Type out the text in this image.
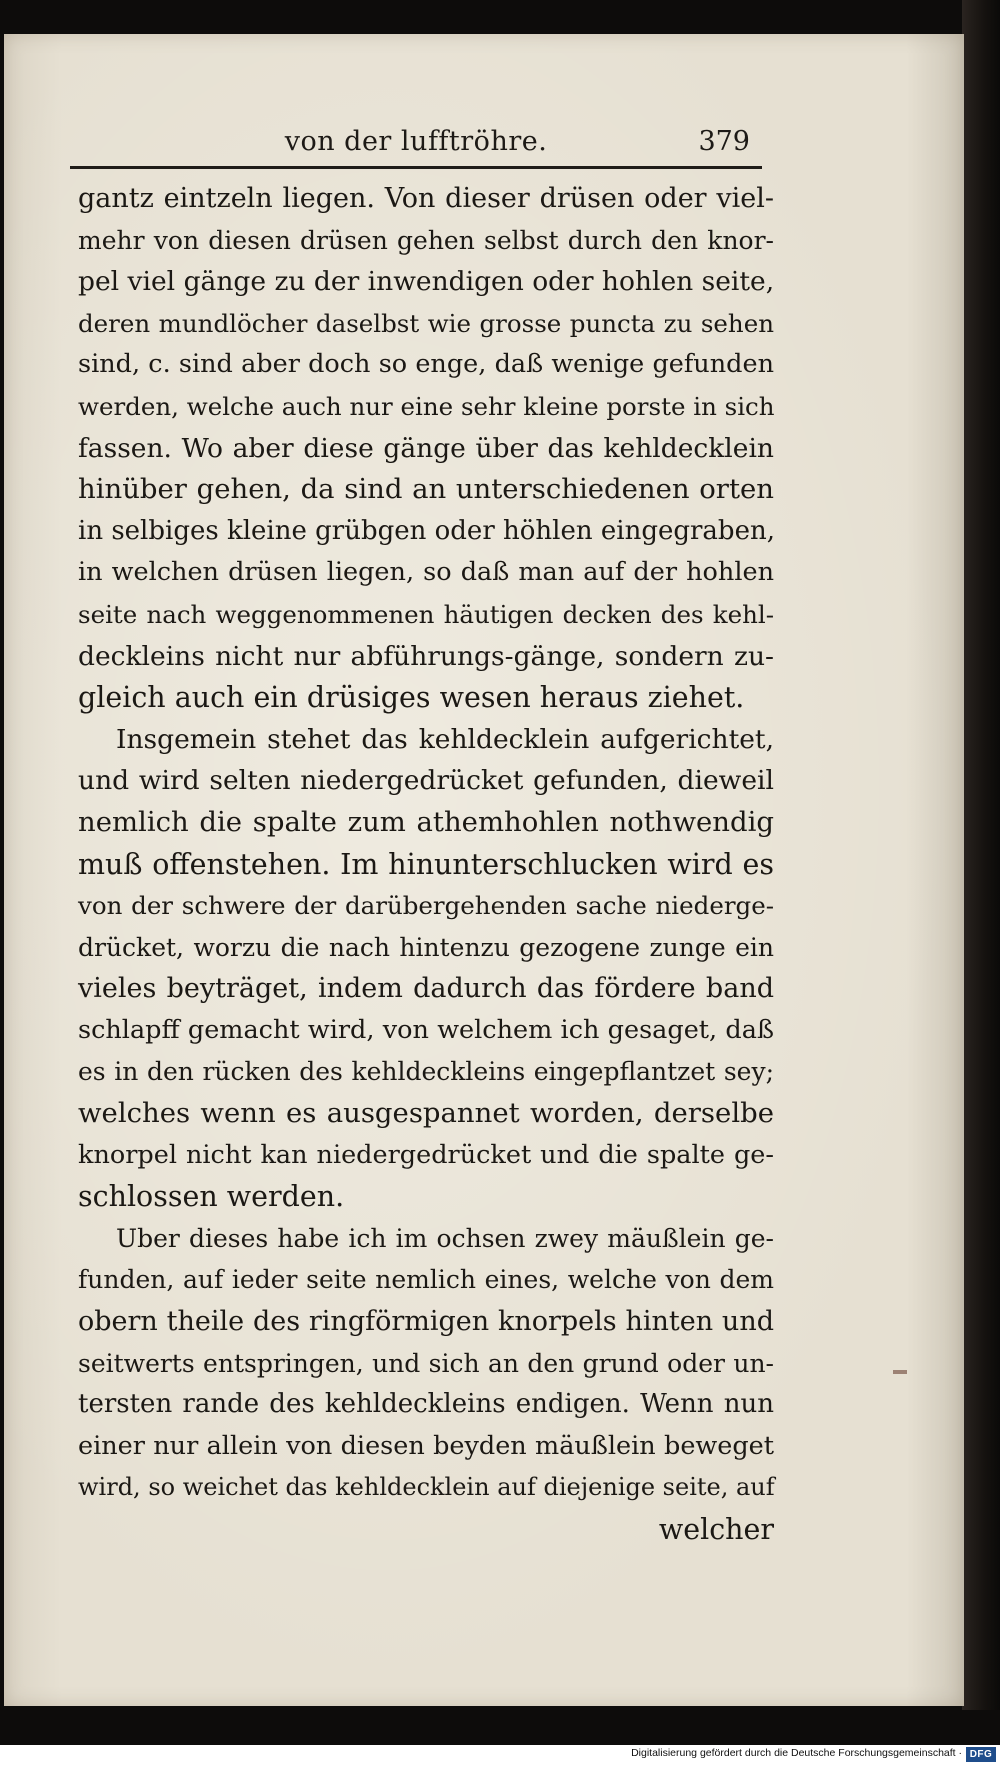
von der lufftröhre.	379
gantz eintzeln liegen. Von dieser drüsen oder viel-
mehr von diesen drüsen gehen selbst durch den knor-
pel viel gänge zu der inwendigen oder hohlen seite,
deren mundlöcher daselbst wie grosse puncta zu sehen
sind, c. sind aber doch so enge, daß wenige gefunden
werden, welche auch nur eine sehr kleine porste in sich
fassen. Wo aber diese gänge über das kehldecklein
hinüber gehen, da sind an unterschiedenen orten
in selbiges kleine grübgen oder höhlen eingegraben,
in welchen drüsen liegen, so daß man auf der hohlen
seite nach weggenommenen häutigen decken des kehl-
deckleins nicht nur abführungs-gänge, sondern zu-
gleich auch ein drüsiges wesen heraus ziehet.
Insgemein stehet das kehldecklein aufgerichtet,
und wird selten niedergedrücket gefunden, dieweil
nemlich die spalte zum athemhohlen nothwendig
muß offenstehen. Im hinunterschlucken wird es
von der schwere der darübergehenden sache niederge-
drücket, worzu die nach hintenzu gezogene zunge ein
vieles beyträget, indem dadurch das fördere band
schlapff gemacht wird, von welchem ich gesaget, daß
es in den rücken des kehldeckleins eingepflantzet sey;
welches wenn es ausgespannet worden, derselbe
knorpel nicht kan niedergedrücket und die spalte ge-
schlossen werden.
Uber dieses habe ich im ochsen zwey mäußlein ge-
funden, auf ieder seite nemlich eines, welche von dem
obern theile des ringförmigen knorpels hinten und
seitwerts entspringen, und sich an den grund oder un-
tersten rande des kehldeckleins endigen. Wenn nun
einer nur allein von diesen beyden mäußlein beweget
wird, so weichet das kehldecklein auf diejenige seite, auf
welcher
Digitalisierung gefördert durch die Deutsche Forschungsgemeinschaft · DFG
